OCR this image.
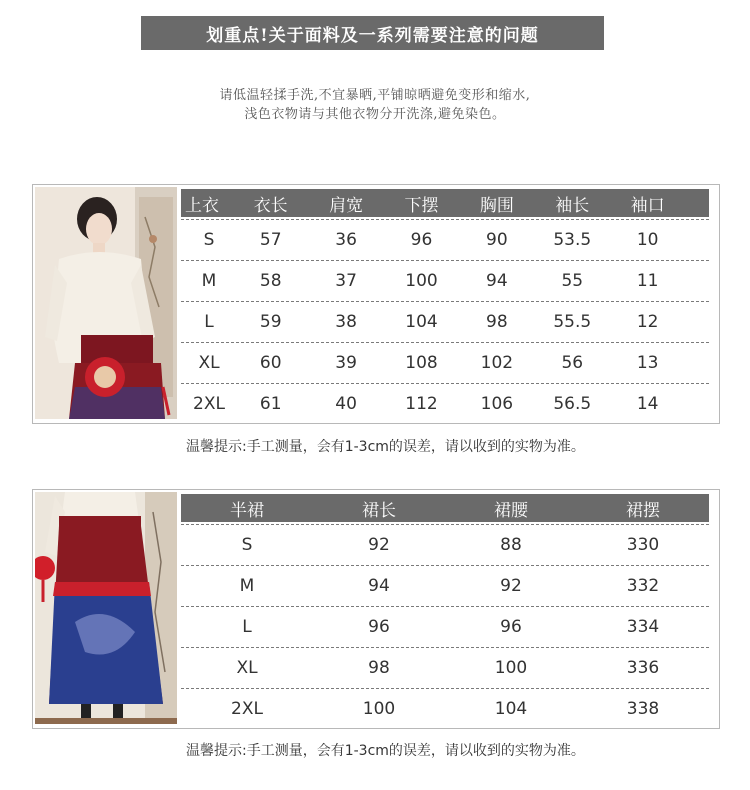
划重点!关于面料及一系列需要注意的问题
请低温轻揉手洗,不宜暴晒,平铺晾晒避免变形和缩水,
浅色衣物请与其他衣物分开洗涤,避免染色。
上衣	衣长	肩宽	下摆	胸围	袖长	袖口
S	57	36	96	90	53.5	10
M	58	37	100	94	55	11
L	59	38	104	98	55.5	12
XL	60	39	108	102	56	13
2XL	61	40	112	106	56.5	14
温馨提示:手工测量，会有1-3cm的误差，请以收到的实物为准。
半裙	裙长	裙腰	裙摆
S	92	88	330
M	94	92	332
L	96	96	334
XL	98	100	336
2XL	100	104	338
温馨提示:手工测量，会有1-3cm的误差，请以收到的实物为准。
